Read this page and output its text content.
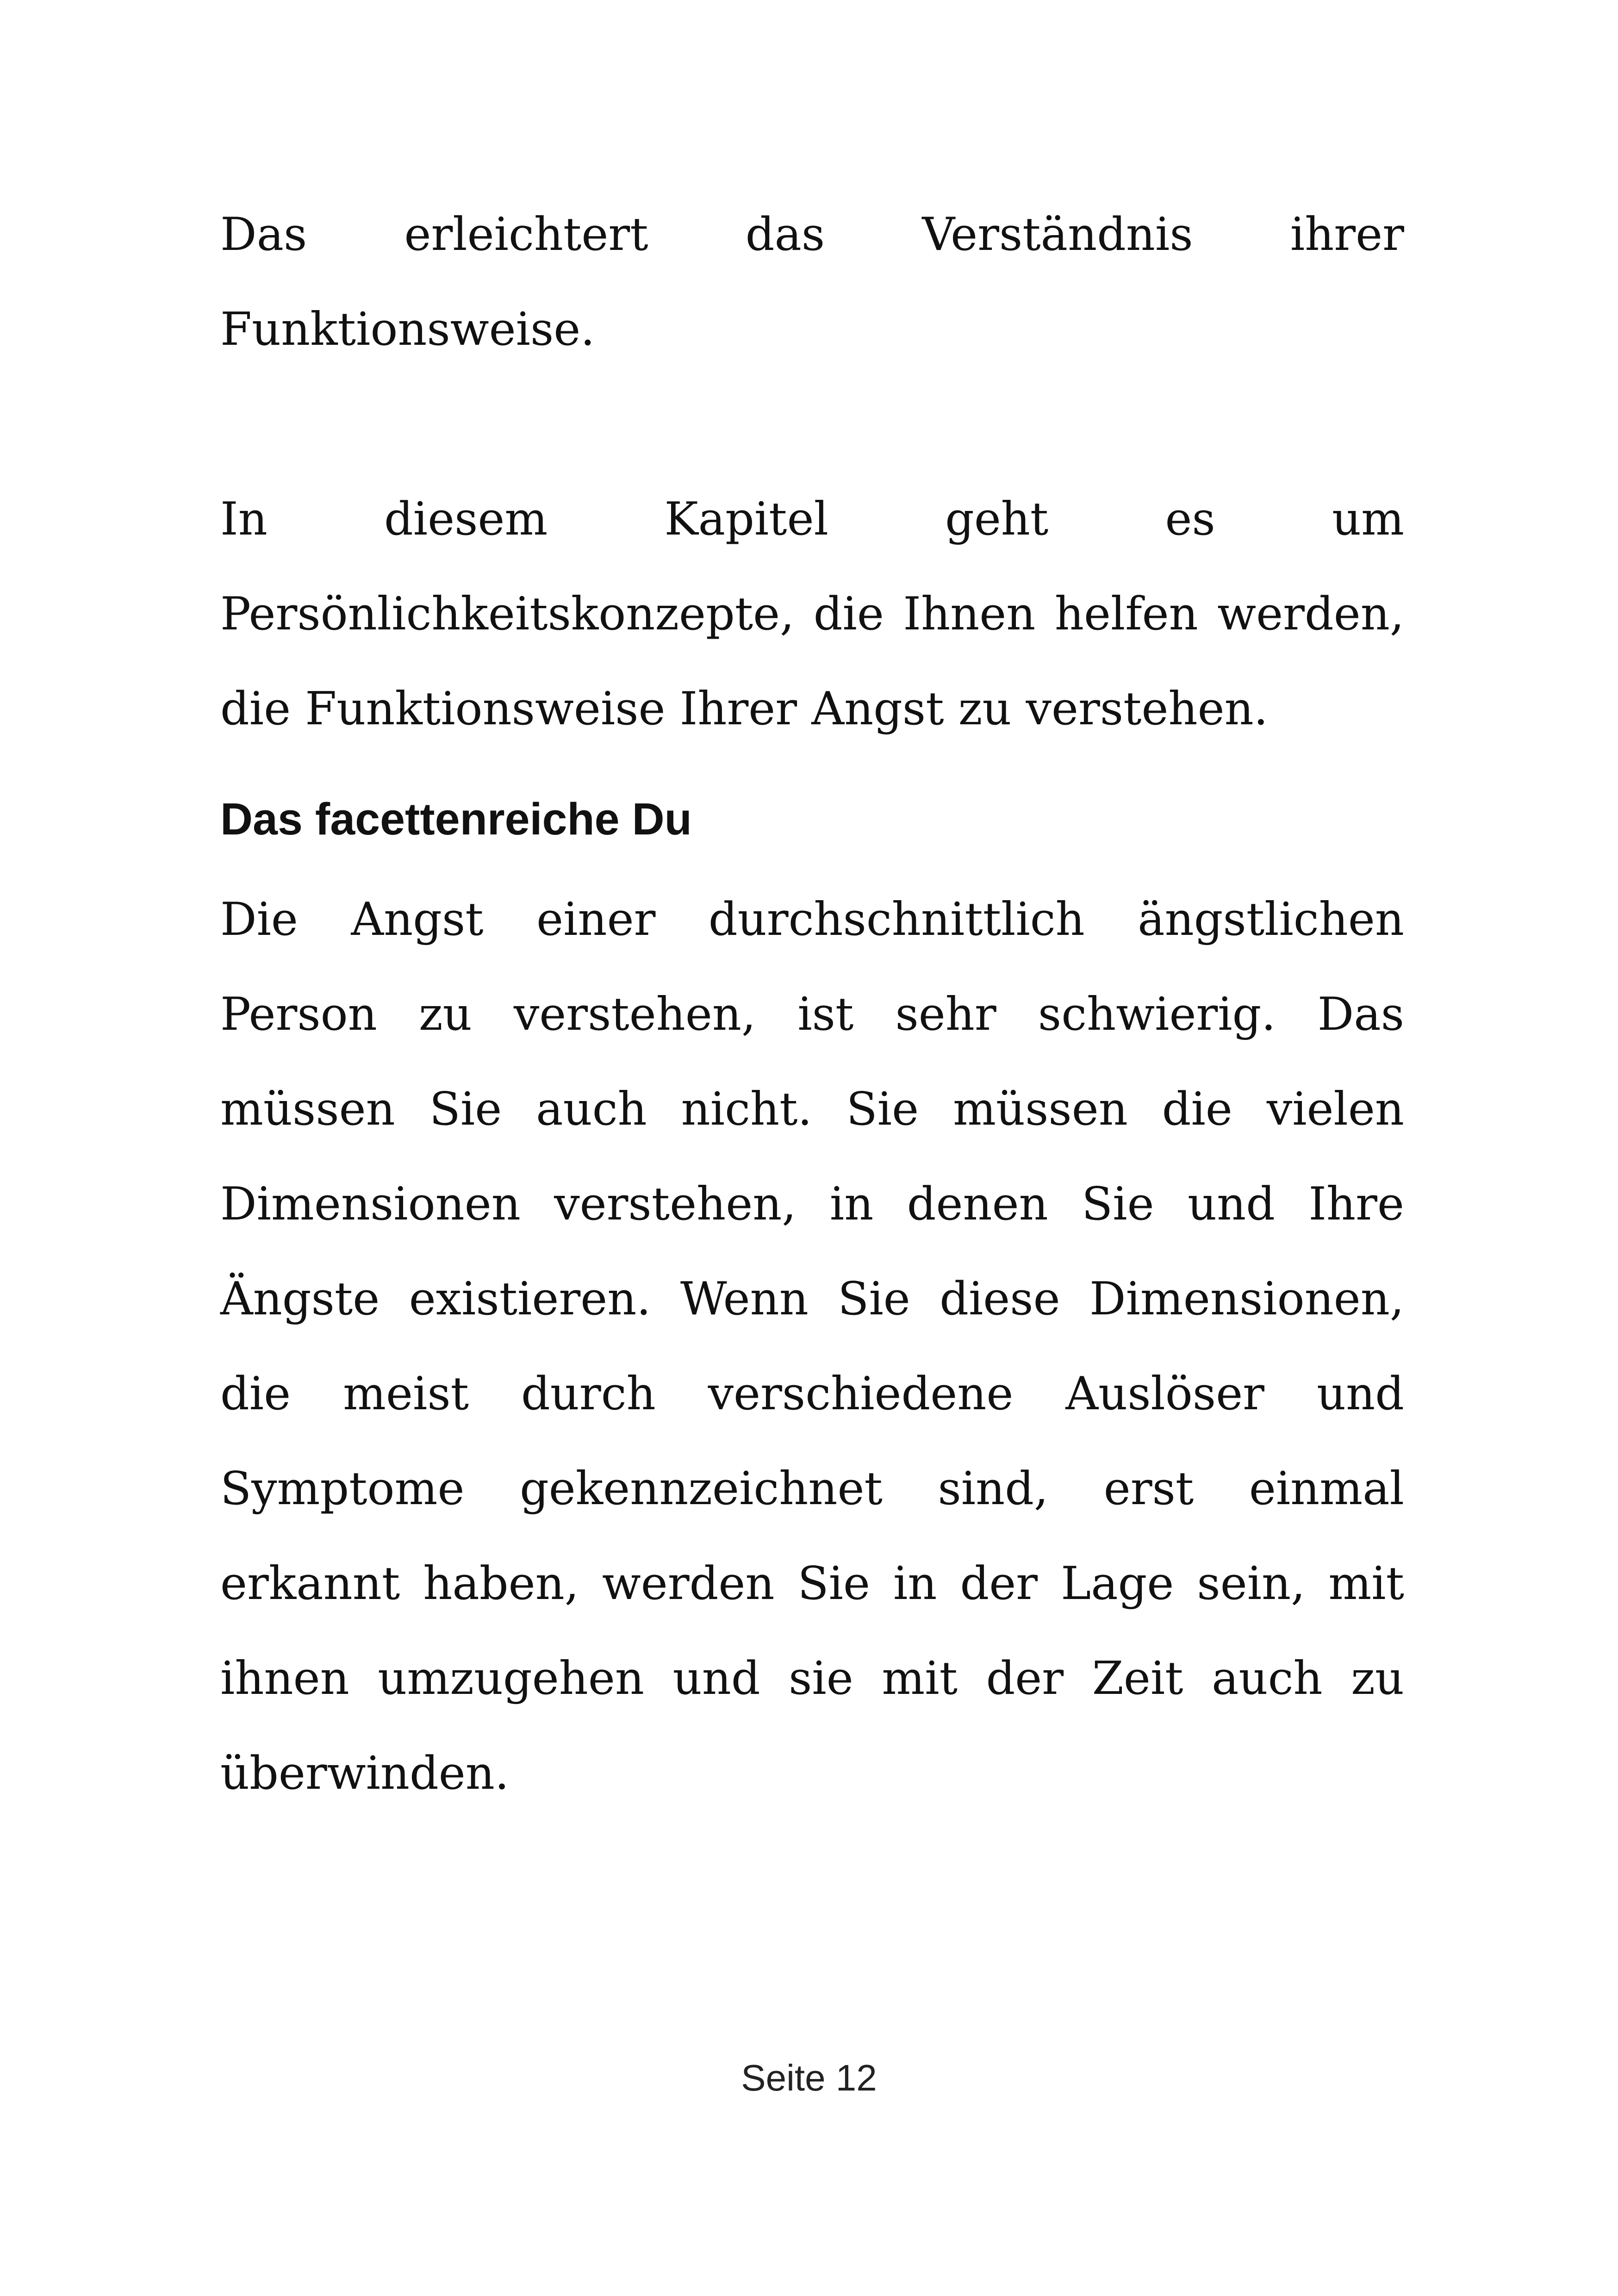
Das erleichtert das Verständnis ihrer Funktionsweise.

In diesem Kapitel geht es um Persönlichkeitskonzepte, die Ihnen helfen werden, die Funktionsweise Ihrer Angst zu verstehen.

Das facettenreiche Du

Die Angst einer durchschnittlich ängstlichen Person zu verstehen, ist sehr schwierig. Das müssen Sie auch nicht. Sie müssen die vielen Dimensionen verstehen, in denen Sie und Ihre Ängste existieren. Wenn Sie diese Dimensionen, die meist durch verschiedene Auslöser und Symptome gekennzeichnet sind, erst einmal erkannt haben, werden Sie in der Lage sein, mit ihnen umzugehen und sie mit der Zeit auch zu überwinden.

Seite 12
